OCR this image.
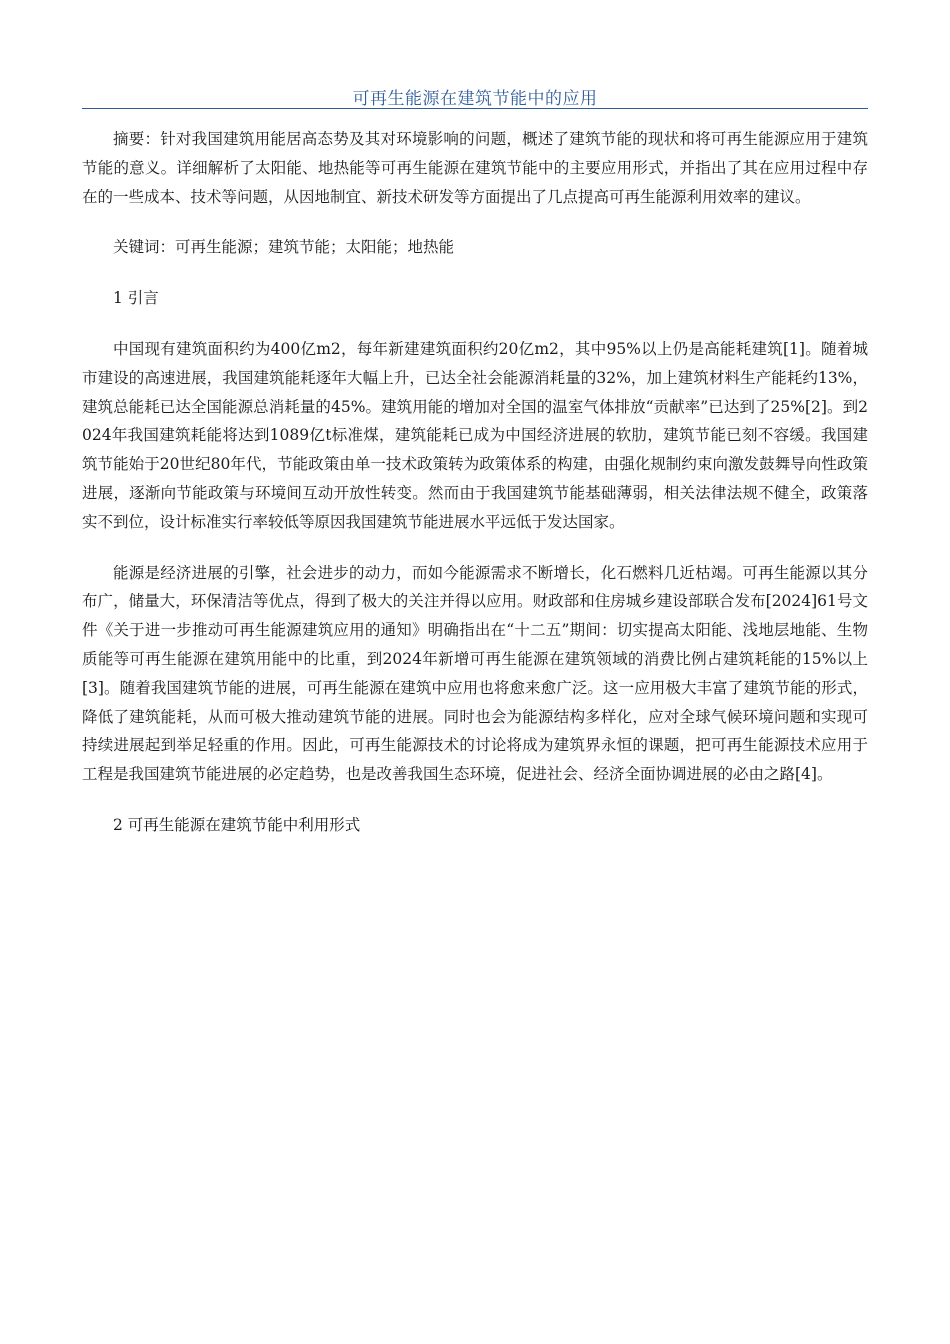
可再生能源在建筑节能中的应用

摘要：针对我国建筑用能居高态势及其对环境影响的问题，概述了建筑节能的现状和将可再生能源应用于建筑节能的意义。详细解析了太阳能、地热能等可再生能源在建筑节能中的主要应用形式，并指出了其在应用过程中存在的一些成本、技术等问题，从因地制宜、新技术研发等方面提出了几点提高可再生能源利用效率的建议。

关键词：可再生能源；建筑节能；太阳能；地热能

1 引言

中国现有建筑面积约为400亿m2，每年新建建筑面积约20亿m2，其中95%以上仍是高能耗建筑[1]。随着城市建设的高速进展，我国建筑能耗逐年大幅上升，已达全社会能源消耗量的32%，加上建筑材料生产能耗约13%，建筑总能耗已达全国能源总消耗量的45%。建筑用能的增加对全国的温室气体排放“贡献率”已达到了25%[2]。到2024年我国建筑耗能将达到1089亿t标准煤，建筑能耗已成为中国经济进展的软肋，建筑节能已刻不容缓。我国建筑节能始于20世纪80年代，节能政策由单一技术政策转为政策体系的构建，由强化规制约束向激发鼓舞导向性政策进展，逐渐向节能政策与环境间互动开放性转变。然而由于我国建筑节能基础薄弱，相关法律法规不健全，政策落实不到位，设计标准实行率较低等原因我国建筑节能进展水平远低于发达国家。

能源是经济进展的引擎，社会进步的动力，而如今能源需求不断增长，化石燃料几近枯竭。可再生能源以其分布广，储量大，环保清洁等优点，得到了极大的关注并得以应用。财政部和住房城乡建设部联合发布[2024]61号文件《关于进一步推动可再生能源建筑应用的通知》明确指出在“十二五”期间：切实提高太阳能、浅地层地能、生物质能等可再生能源在建筑用能中的比重，到2024年新增可再生能源在建筑领域的消费比例占建筑耗能的15%以上[3]。随着我国建筑节能的进展，可再生能源在建筑中应用也将愈来愈广泛。这一应用极大丰富了建筑节能的形式，降低了建筑能耗，从而可极大推动建筑节能的进展。同时也会为能源结构多样化，应对全球气候环境问题和实现可持续进展起到举足轻重的作用。因此，可再生能源技术的讨论将成为建筑界永恒的课题，把可再生能源技术应用于工程是我国建筑节能进展的必定趋势，也是改善我国生态环境，促进社会、经济全面协调进展的必由之路[4]。

2 可再生能源在建筑节能中利用形式
